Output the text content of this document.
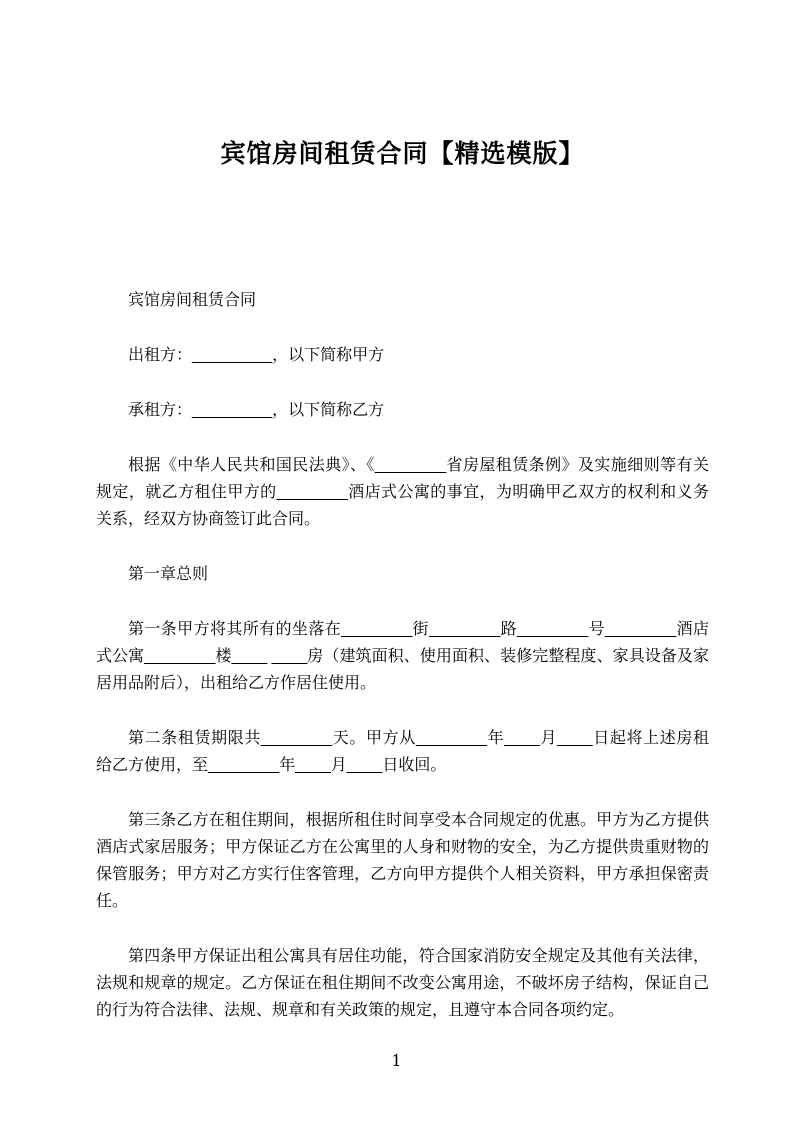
宾馆房间租赁合同【精选模版】

宾馆房间租赁合同

出租方：_________，以下简称甲方

承租方：_________，以下简称乙方

根据《中华人民共和国民法典》、《________省房屋租赁条例》及实施细则等有关规定，就乙方租住甲方的________酒店式公寓的事宜，为明确甲乙双方的权利和义务关系，经双方协商签订此合同。

第一章总则

第一条甲方将其所有的坐落在________街________路________号________酒店式公寓________楼____ ____房（建筑面积、使用面积、装修完整程度、家具设备及家居用品附后），出租给乙方作居住使用。

第二条租赁期限共________天。甲方从________年____月____日起将上述房租给乙方使用，至________年____月____日收回。

第三条乙方在租住期间，根据所租住时间享受本合同规定的优惠。甲方为乙方提供酒店式家居服务；甲方保证乙方在公寓里的人身和财物的安全，为乙方提供贵重财物的保管服务；甲方对乙方实行住客管理，乙方向甲方提供个人相关资料，甲方承担保密责任。

第四条甲方保证出租公寓具有居住功能，符合国家消防安全规定及其他有关法律，法规和规章的规定。乙方保证在租住期间不改变公寓用途，不破坏房子结构，保证自己的行为符合法律、法规、规章和有关政策的规定，且遵守本合同各项约定。

1
